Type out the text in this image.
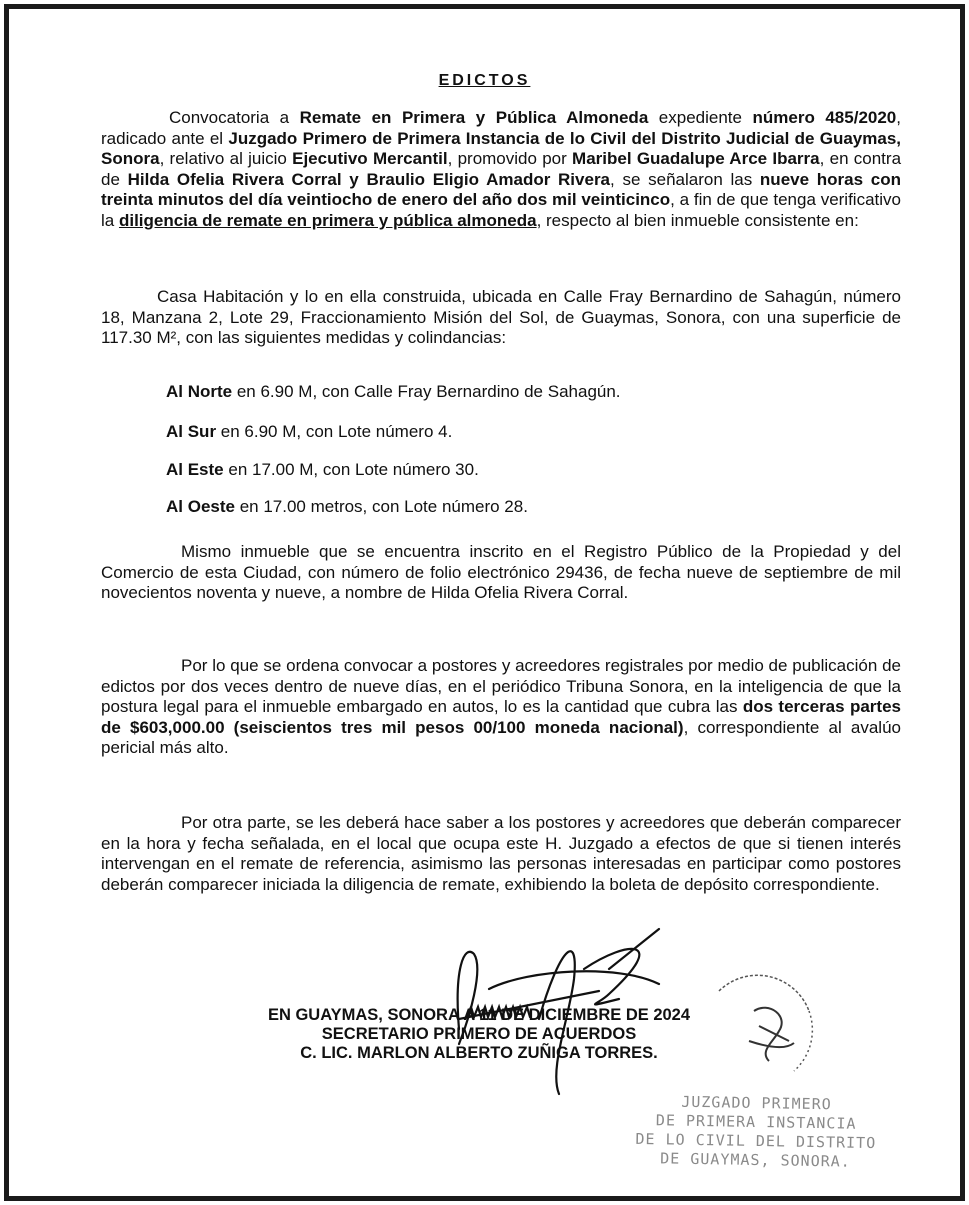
EDICTOS

Convocatoria a Remate en Primera y Pública Almoneda expediente número 485/2020, radicado ante el Juzgado Primero de Primera Instancia de lo Civil del Distrito Judicial de Guaymas, Sonora, relativo al juicio Ejecutivo Mercantil, promovido por Maribel Guadalupe Arce Ibarra, en contra de Hilda Ofelia Rivera Corral y Braulio Eligio Amador Rivera, se señalaron las nueve horas con treinta minutos del día veintiocho de enero del año dos mil veinticinco, a fin de que tenga verificativo la diligencia de remate en primera y pública almoneda, respecto al bien inmueble consistente en:

Casa Habitación y lo en ella construida, ubicada en Calle Fray Bernardino de Sahagún, número 18, Manzana 2, Lote 29, Fraccionamiento Misión del Sol, de Guaymas, Sonora, con una superficie de 117.30 M², con las siguientes medidas y colindancias:

Al Norte en 6.90 M, con Calle Fray Bernardino de Sahagún.

Al Sur en 6.90 M, con Lote número 4.

Al Este en 17.00 M, con Lote número 30.

Al Oeste en 17.00 metros, con Lote número 28.

Mismo inmueble que se encuentra inscrito en el Registro Público de la Propiedad y del Comercio de esta Ciudad, con número de folio electrónico 29436, de fecha nueve de septiembre de mil novecientos noventa y nueve, a nombre de Hilda Ofelia Rivera Corral.

Por lo que se ordena convocar a postores y acreedores registrales por medio de publicación de edictos por dos veces dentro de nueve días, en el periódico Tribuna Sonora, en la inteligencia de que la postura legal para el inmueble embargado en autos, lo es la cantidad que cubra las dos terceras partes de $603,000.00 (seiscientos tres mil pesos 00/100 moneda nacional), correspondiente al avalúo pericial más alto.

Por otra parte, se les deberá hace saber a los postores y acreedores que deberán comparecer en la hora y fecha señalada, en el local que ocupa este H. Juzgado a efectos de que si tienen interés intervengan en el remate de referencia, asimismo las personas interesadas en participar como postores deberán comparecer iniciada la diligencia de remate, exhibiendo la boleta de depósito correspondiente.

EN GUAYMAS, SONORA A 11 DE DICIEMBRE DE 2024
SECRETARIO PRIMERO DE ACUERDOS
C. LIC. MARLON ALBERTO ZUÑIGA TORRES.
JUZGADO PRIMERO
DE PRIMERA INSTANCIA
DE LO CIVIL DEL DISTRITO
DE GUAYMAS, SONORA.
